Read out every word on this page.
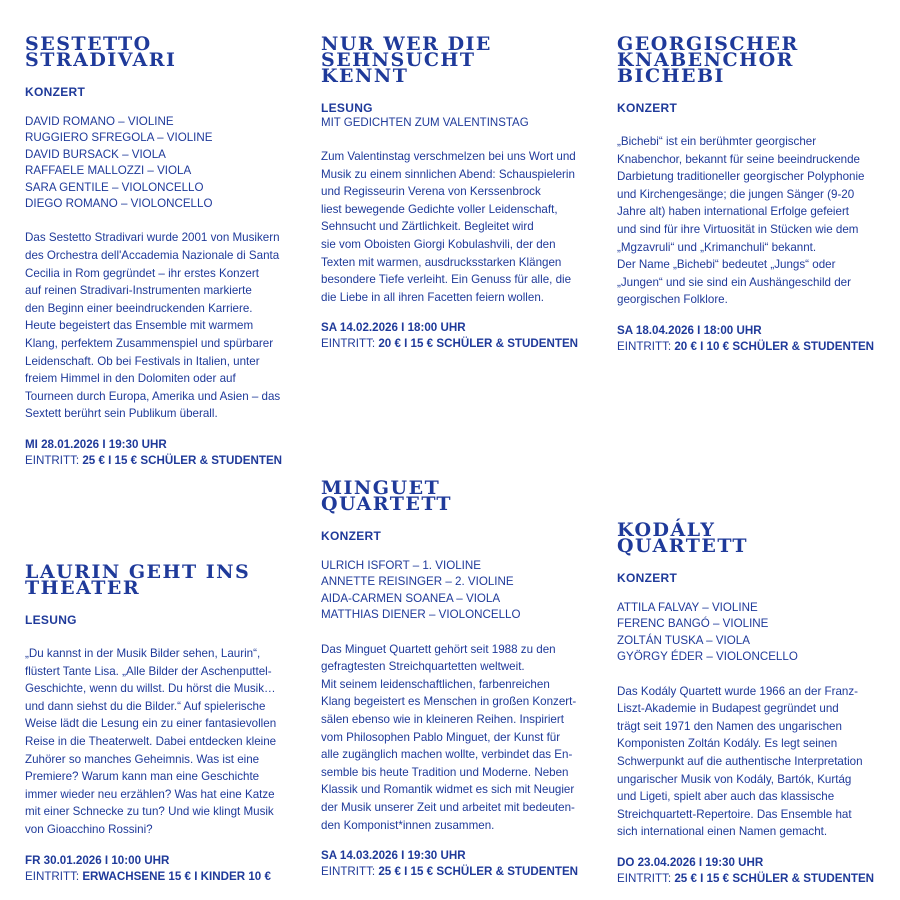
SESTETTO
STRADIVARI

KONZERT

DAVID ROMANO – VIOLINE
RUGGIERO SFREGOLA – VIOLINE
DAVID BURSACK – VIOLA
RAFFAELE MALLOZZI – VIOLA
SARA GENTILE – VIOLONCELLO
DIEGO ROMANO – VIOLONCELLO

Das Sestetto Stradivari wurde 2001 von Musikern
des Orchestra dell'Accademia Nazionale di Santa
Cecilia in Rom gegründet – ihr erstes Konzert
auf reinen Stradivari-Instrumenten markierte
den Beginn einer beeindruckenden Karriere.
Heute begeistert das Ensemble mit warmem
Klang, perfektem Zusammenspiel und spürbarer
Leidenschaft. Ob bei Festivals in Italien, unter
freiem Himmel in den Dolomiten oder auf
Tourneen durch Europa, Amerika und Asien – das
Sextett berührt sein Publikum überall.

MI 28.01.2026 I 19:30 UHR
EINTRITT: 25 € I 15 € SCHÜLER & STUDENTEN
NUR WER DIE
SEHNSUCHT
KENNT

LESUNG

MIT GEDICHTEN ZUM VALENTINSTAG

Zum Valentinstag verschmelzen bei uns Wort und
Musik zu einem sinnlichen Abend: Schauspielerin
und Regisseurin Verena von Kerssenbrock
liest bewegende Gedichte voller Leidenschaft,
Sehnsucht und Zärtlichkeit. Begleitet wird
sie vom Oboisten Giorgi Kobulashvili, der den
Texten mit warmen, ausdrucksstarken Klängen
besondere Tiefe verleiht. Ein Genuss für alle, die
die Liebe in all ihren Facetten feiern wollen.

SA 14.02.2026 I 18:00 UHR
EINTRITT: 20 € I 15 € SCHÜLER & STUDENTEN
GEORGISCHER
KNABENCHOR
BICHEBI

KONZERT

„Bichebi“ ist ein berühmter georgischer
Knabenchor, bekannt für seine beeindruckende
Darbietung traditioneller georgischer Polyphonie
und Kirchengesänge; die jungen Sänger (9-20
Jahre alt) haben international Erfolge gefeiert
und sind für ihre Virtuosität in Stücken wie dem
„Mgzavruli“ und „Krimanchuli“ bekannt.
Der Name „Bichebi“ bedeutet „Jungs“ oder
„Jungen“ und sie sind ein Aushängeschild der
georgischen Folklore.

SA 18.04.2026 I 18:00 UHR
EINTRITT: 20 € I 10 € SCHÜLER & STUDENTEN
LAURIN GEHT INS
THEATER

LESUNG

„Du kannst in der Musik Bilder sehen, Laurin“,
flüstert Tante Lisa. „Alle Bilder der Aschenputtel-
Geschichte, wenn du willst. Du hörst die Musik…
und dann siehst du die Bilder.“ Auf spielerische
Weise lädt die Lesung ein zu einer fantasievollen
Reise in die Theaterwelt. Dabei entdecken kleine
Zuhörer so manches Geheimnis. Was ist eine
Premiere? Warum kann man eine Geschichte
immer wieder neu erzählen? Was hat eine Katze
mit einer Schnecke zu tun? Und wie klingt Musik
von Gioacchino Rossini?

FR 30.01.2026 I 10:00 UHR
EINTRITT: ERWACHSENE 15 € I KINDER 10 €
MINGUET
QUARTETT

KONZERT

ULRICH ISFORT – 1. VIOLINE
ANNETTE REISINGER – 2. VIOLINE
AIDA-CARMEN SOANEA – VIOLA
MATTHIAS DIENER – VIOLONCELLO

Das Minguet Quartett gehört seit 1988 zu den
gefragtesten Streichquartetten weltweit.
Mit seinem leidenschaftlichen, farbenreichen
Klang begeistert es Menschen in großen Konzert-
sälen ebenso wie in kleineren Reihen. Inspiriert
vom Philosophen Pablo Minguet, der Kunst für
alle zugänglich machen wollte, verbindet das En-
semble bis heute Tradition und Moderne. Neben
Klassik und Romantik widmet es sich mit Neugier
der Musik unserer Zeit und arbeitet mit bedeuten-
den Komponist*innen zusammen.

SA 14.03.2026 I 19:30 UHR
EINTRITT: 25 € I 15 € SCHÜLER & STUDENTEN
KODÁLY
QUARTETT

KONZERT

ATTILA FALVAY – VIOLINE
FERENC BANGÓ – VIOLINE
ZOLTÁN TUSKA – VIOLA
GYÖRGY ÉDER – VIOLONCELLO

Das Kodály Quartett wurde 1966 an der Franz-
Liszt-Akademie in Budapest gegründet und
trägt seit 1971 den Namen des ungarischen
Komponisten Zoltán Kodály. Es legt seinen
Schwerpunkt auf die authentische Interpretation
ungarischer Musik von Kodály, Bartók, Kurtág
und Ligeti, spielt aber auch das klassische
Streichquartett-Repertoire. Das Ensemble hat
sich international einen Namen gemacht.

DO 23.04.2026 I 19:30 UHR
EINTRITT: 25 € I 15 € SCHÜLER & STUDENTEN
